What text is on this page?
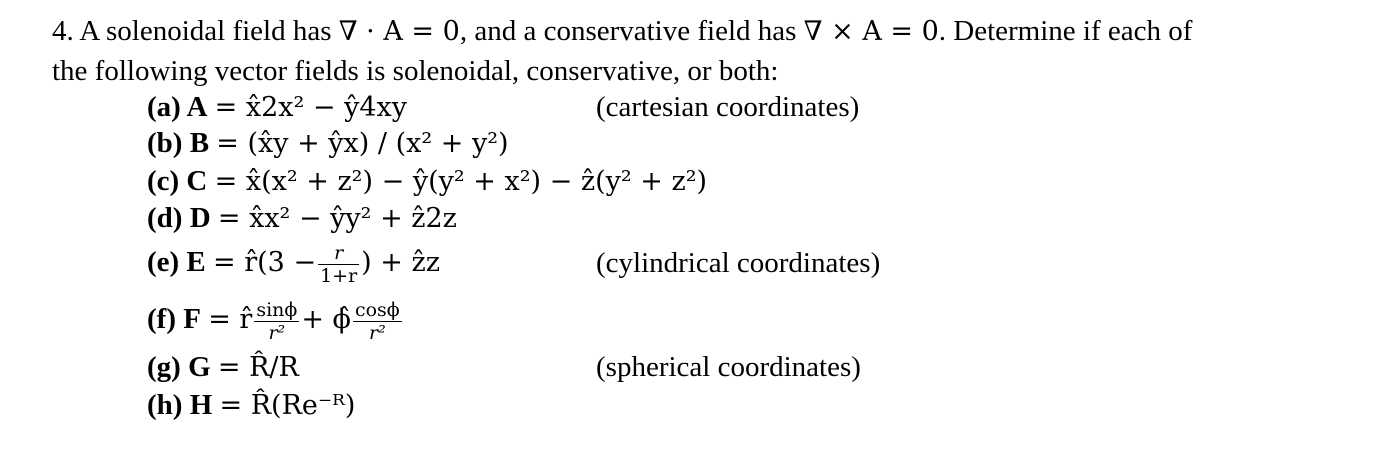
4. A solenoidal field has ∇ · A = 0, and a conservative field has ∇ × A = 0. Determine if each of
the following vector fields is solenoidal, conservative, or both:
(a) A = x̂2x² − ŷ4xy	(cartesian coordinates)
(b) B = (x̂y + ŷx) / (x² + y²)
(c) C = x̂(x² + z²) − ŷ(y² + x²) − ẑ(y² + z²)
(d) D = x̂x² − ŷy² + ẑ2z
(e) E = r̂(3 − $\frac{r}{1+r}$ ) + ẑz	(cylindrical coordinates)
(f) F = r̂ $\frac{\sin\phi}{\text{r²}}$ + ϕ̂ $\frac{\cos\phi}{\text{r²}}$
(g) G = R̂/R	(spherical coordinates)
(h) H = R̂(Re⁻ᴿ)
